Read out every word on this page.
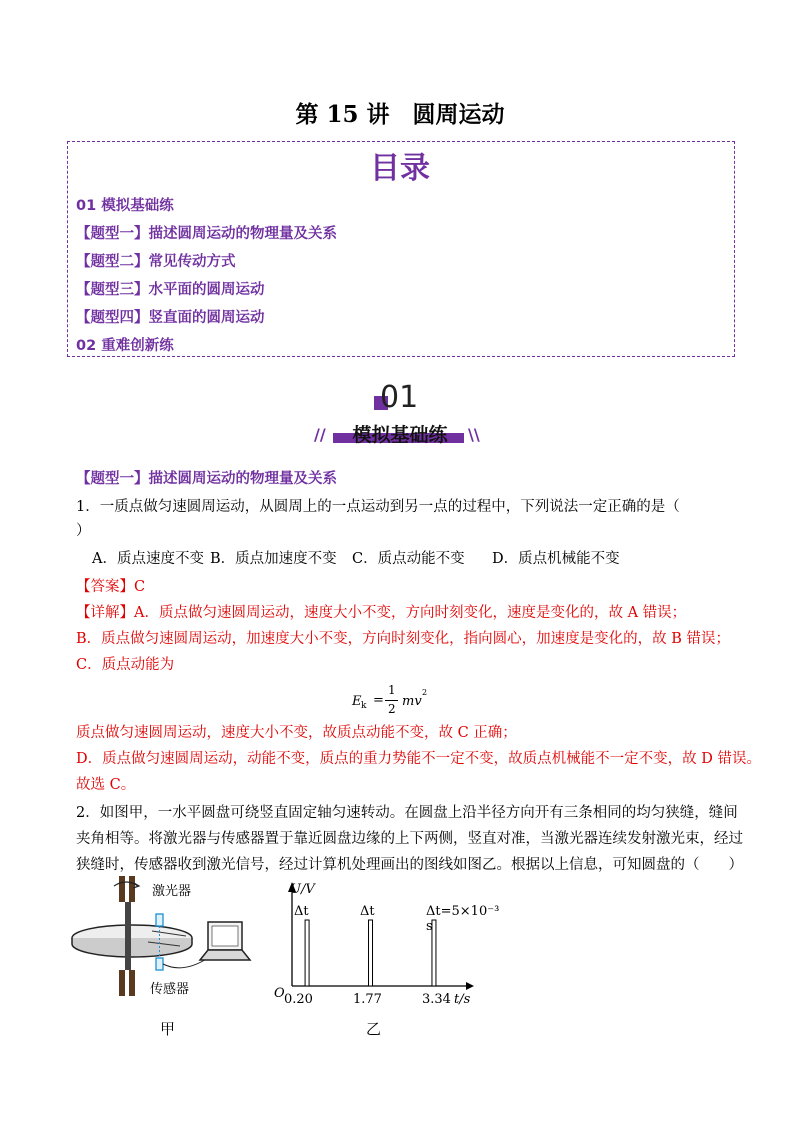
第 15 讲　圆周运动
目录
01 模拟基础练
【题型一】描述圆周运动的物理量及关系
【题型二】常见传动方式
【题型三】水平面的圆周运动
【题型四】竖直面的圆周运动
02 重难创新练
01
模拟基础练
//	\\
【题型一】描述圆周运动的物理量及关系
1．一质点做匀速圆周运动，从圆周上的一点运动到另一点的过程中，下列说法一定正确的是（
）
A．质点速度不变 B．质点加速度不变 C．质点动能不变 D．质点机械能不变
【答案】C
【详解】A．质点做匀速圆周运动，速度大小不变，方向时刻变化，速度是变化的，故 A 错误；
B．质点做匀速圆周运动，加速度大小不变，方向时刻变化，指向圆心，加速度是变化的，故 B 错误；
C．质点动能为
E k =
1
2 mv
2
质点做匀速圆周运动，速度大小不变，故质点动能不变，故 C 正确；
D．质点做匀速圆周运动，动能不变，质点的重力势能不一定不变，故质点机械能不一定不变，故 D 错误。
故选 C。
2．如图甲，一水平圆盘可绕竖直固定轴匀速转动。在圆盘上沿半径方向开有三条相同的均匀狭缝，缝间
夹角相等。将激光器与传感器置于靠近圆盘边缘的上下两侧，竖直对准，当激光器连续发射激光束，经过
狭缝时，传感器收到激光信号，经过计算机处理画出的图线如图乙。根据以上信息，可知圆盘的（　　）
激光器
传感器
甲
U/V
O	t/s
0.20	1.77	3.34
Δt	Δt	Δt=5×10⁻³ s
乙
